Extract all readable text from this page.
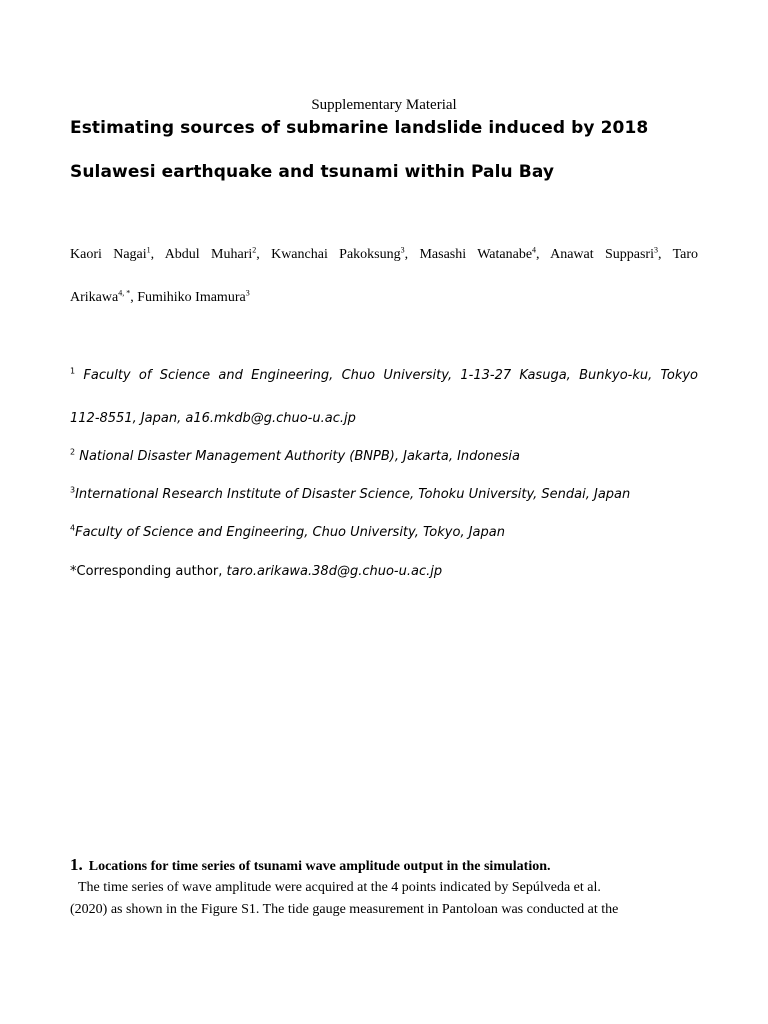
Supplementary Material
Estimating sources of submarine landslide induced by 2018
Sulawesi earthquake and tsunami within Palu Bay
Kaori Nagai$^1$, Abdul Muhari$^2$, Kwanchai Pakoksung$^3$, Masashi Watanabe$^4$, Anawat Suppasri$^3$, Taro
Arikawa$^{4, *}$, Fumihiko Imamura$^3$
$^1$ Faculty of Science and Engineering, Chuo University, 1-13-27 Kasuga, Bunkyo-ku, Tokyo
112-8551, Japan, a16.mkdb@g.chuo-u.ac.jp
$^2$ National Disaster Management Authority (BNPB), Jakarta, Indonesia
$^3$International Research Institute of Disaster Science, Tohoku University, Sendai, Japan
$^4$Faculty of Science and Engineering, Chuo University, Tokyo, Japan
*Corresponding author, taro.arikawa.38d@g.chuo-u.ac.jp
1. Locations for time series of tsunami wave amplitude output in the simulation.
The time series of wave amplitude were acquired at the 4 points indicated by Sepúlveda et al.
(2020) as shown in the Figure S1. The tide gauge measurement in Pantoloan was conducted at the
